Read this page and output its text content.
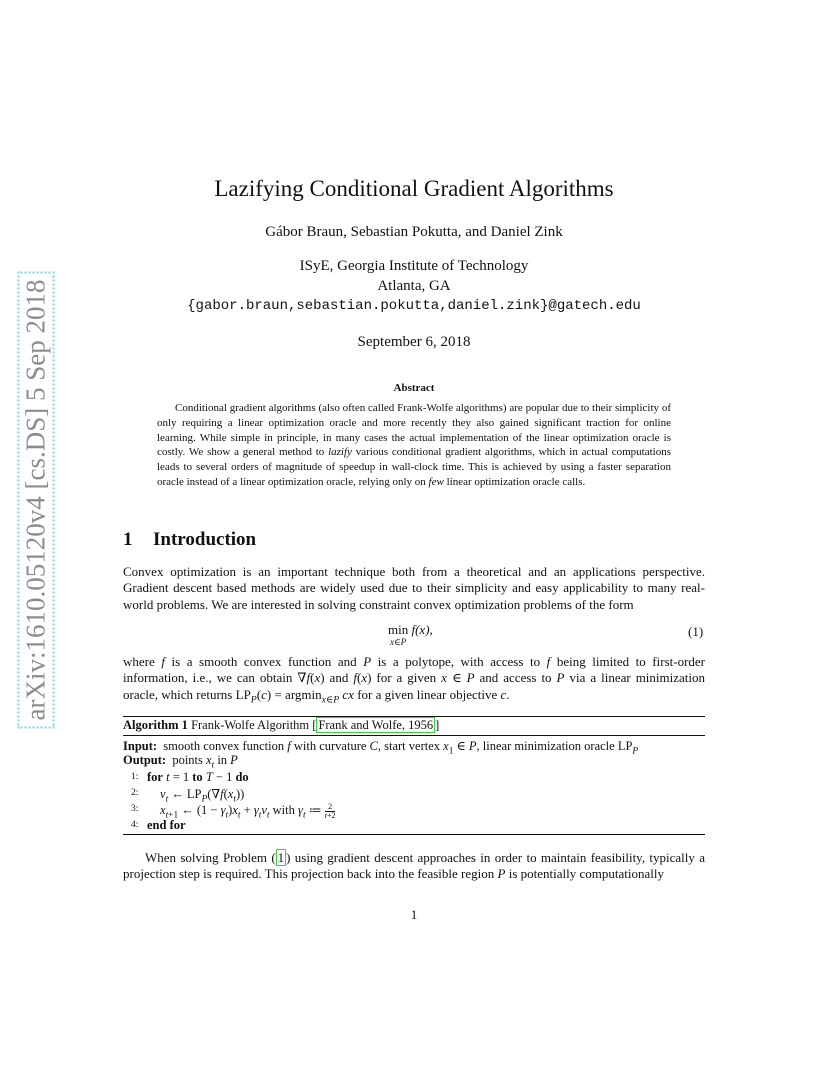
arXiv:1610.05120v4 [cs.DS] 5 Sep 2018
Lazifying Conditional Gradient Algorithms
Gábor Braun, Sebastian Pokutta, and Daniel Zink
ISyE, Georgia Institute of Technology
Atlanta, GA
{gabor.braun,sebastian.pokutta,daniel.zink}@gatech.edu
September 6, 2018
Abstract
Conditional gradient algorithms (also often called Frank-Wolfe algorithms) are popular due to their simplicity of only requiring a linear optimization oracle and more recently they also gained significant traction for online learning. While simple in principle, in many cases the actual implementation of the linear optimization oracle is costly. We show a general method to lazify various conditional gradient algorithms, which in actual computations leads to several orders of magnitude of speedup in wall-clock time. This is achieved by using a faster separation oracle instead of a linear optimization oracle, relying only on few linear optimization oracle calls.
1 Introduction
Convex optimization is an important technique both from a theoretical and an applications perspective. Gradient descent based methods are widely used due to their simplicity and easy applicability to many real-world problems. We are interested in solving constraint convex optimization problems of the form
min f(x),
x∈P
(1)
where f is a smooth convex function and P is a polytope, with access to f being limited to first-order information, i.e., we can obtain ∇f(x) and f(x) for a given x ∈ P and access to P via a linear minimization oracle, which returns $LP_P(c) = argmin_{x\in P}$ cx for a given linear objective c.
Algorithm 1 Frank-Wolfe Algorithm [ Frank and Wolfe, 1956 ]
Input: smooth convex function f with curvature C, start vertex $x_1$ ∈ P, linear minimization oracle $LP_P$
Output: points $x_t$ in P
1: for t = 1 to T − 1 do
2: $v_t$ ← $LP_P(\nabla f(x_t))$
3: $x_{t+1}$ ← $(1 - \gamma_t)x_t + \gamma_tv_t$ with $\gamma_t$ ≔ $\frac{2}{t+2}$
4: end for
When solving Problem ( 1 ) using gradient descent approaches in order to maintain feasibility, typically a projection step is required. This projection back into the feasible region P is potentially computationally
1
